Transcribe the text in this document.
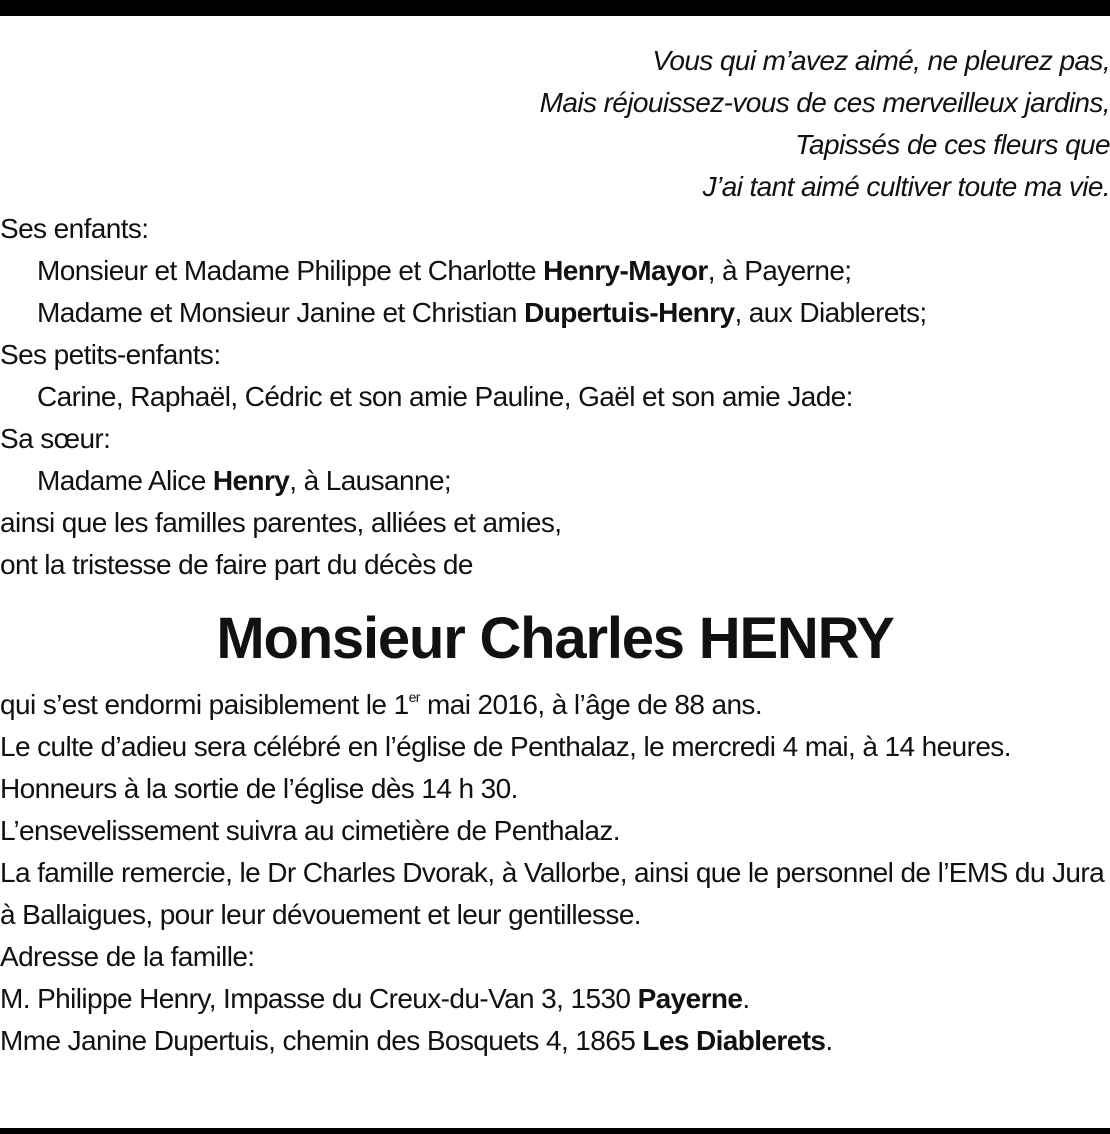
Vous qui m’avez aimé, ne pleurez pas,
Mais réjouissez-vous de ces merveilleux jardins,
Tapissés de ces fleurs que
J’ai tant aimé cultiver toute ma vie.
Ses enfants:
Monsieur et Madame Philippe et Charlotte Henry-Mayor, à Payerne;
Madame et Monsieur Janine et Christian Dupertuis-Henry, aux Diablerets;
Ses petits-enfants:
Carine, Raphaël, Cédric et son amie Pauline, Gaël et son amie Jade:
Sa sœur:
Madame Alice Henry, à Lausanne;
ainsi que les familles parentes, alliées et amies,
ont la tristesse de faire part du décès de
Monsieur Charles HENRY
qui s’est endormi paisiblement le 1er mai 2016, à l’âge de 88 ans.
Le culte d’adieu sera célébré en l’église de Penthalaz, le mercredi 4 mai, à 14 heures.
Honneurs à la sortie de l’église dès 14 h 30.
L’ensevelissement suivra au cimetière de Penthalaz.
La famille remercie, le Dr Charles Dvorak, à Vallorbe, ainsi que le personnel de l’EMS du Jura à Ballaigues, pour leur dévouement et leur gentillesse.
Adresse de la famille:
M. Philippe Henry, Impasse du Creux-du-Van 3, 1530 Payerne.
Mme Janine Dupertuis, chemin des Bosquets 4, 1865 Les Diablerets.
